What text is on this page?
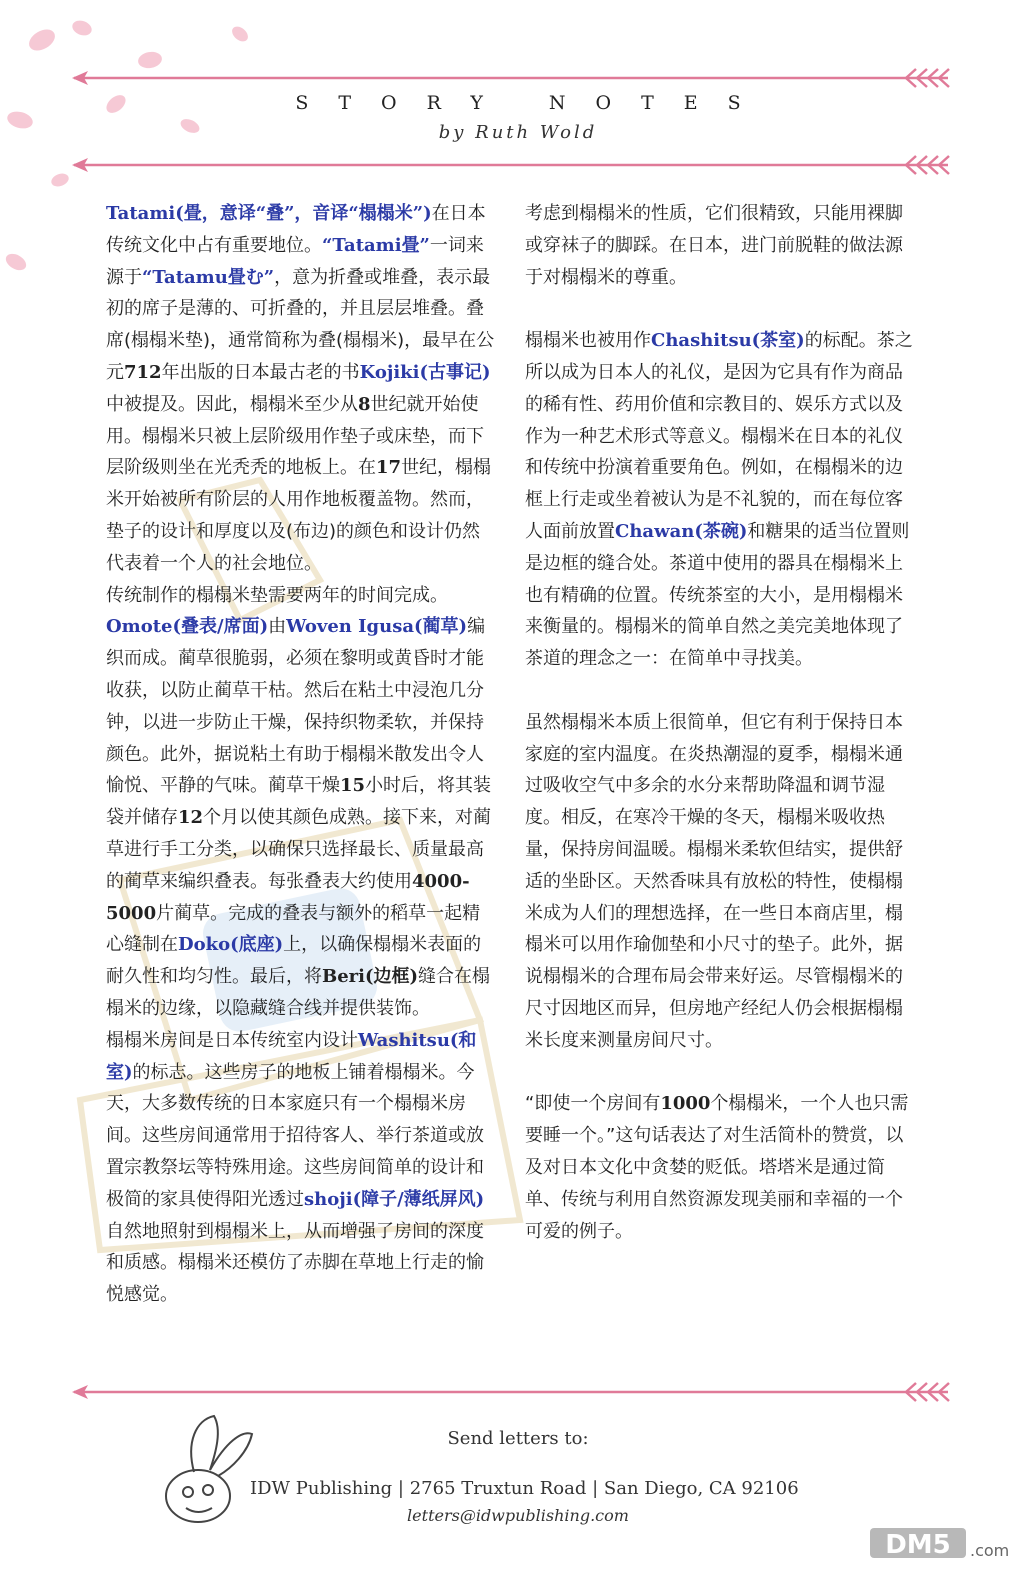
STORY NOTES
by Ruth Wold

Tatami(畳，意译“叠”，音译“榻榻米”)在日本传统文化中占有重要地位。“Tatami畳”一词来源于“Tatamu畳む”，意为折叠或堆叠，表示最初的席子是薄的、可折叠的，并且层层堆叠。叠席(榻榻米垫)，通常简称为叠(榻榻米)，最早在公元712年出版的日本最古老的书Kojiki(古事记)中被提及。因此，榻榻米至少从8世纪就开始使用。榻榻米只被上层阶级用作垫子或床垫，而下层阶级则坐在光秃秃的地板上。在17世纪，榻榻米开始被所有阶层的人用作地板覆盖物。然而，垫子的设计和厚度以及(布边)的颜色和设计仍然代表着一个人的社会地位。

传统制作的榻榻米垫需要两年的时间完成。Omote(叠表/席面)由Woven Igusa(蔺草)编织而成。蔺草很脆弱，必须在黎明或黄昏时才能收获，以防止蔺草干枯。然后在粘土中浸泡几分钟，以进一步防止干燥，保持织物柔软，并保持颜色。此外，据说粘土有助于榻榻米散发出令人愉悦、平静的气味。蔺草干燥15小时后，将其装袋并储存12个月以使其颜色成熟。接下来，对蔺草进行手工分类，以确保只选择最长、质量最高的蔺草来编织叠表。每张叠表大约使用4000-5000片蔺草。完成的叠表与额外的稻草一起精心缝制在Doko(底座)上，以确保榻榻米表面的耐久性和均匀性。最后，将Beri(边框)缝合在榻榻米的边缘，以隐藏缝合线并提供装饰。

榻榻米房间是日本传统室内设计Washitsu(和室)的标志。这些房子的地板上铺着榻榻米。今天，大多数传统的日本家庭只有一个榻榻米房间。这些房间通常用于招待客人、举行茶道或放置宗教祭坛等特殊用途。这些房间简单的设计和极简的家具使得阳光透过shoji(障子/薄纸屏风)自然地照射到榻榻米上，从而增强了房间的深度和质感。榻榻米还模仿了赤脚在草地上行走的愉悦感觉。

考虑到榻榻米的性质，它们很精致，只能用裸脚或穿袜子的脚踩。在日本，进门前脱鞋的做法源于对榻榻米的尊重。

榻榻米也被用作Chashitsu(茶室)的标配。茶之所以成为日本人的礼仪，是因为它具有作为商品的稀有性、药用价值和宗教目的、娱乐方式以及作为一种艺术形式等意义。榻榻米在日本的礼仪和传统中扮演着重要角色。例如，在榻榻米的边框上行走或坐着被认为是不礼貌的，而在每位客人面前放置Chawan(茶碗)和糖果的适当位置则是边框的缝合处。茶道中使用的器具在榻榻米上也有精确的位置。传统茶室的大小，是用榻榻米来衡量的。榻榻米的简单自然之美完美地体现了茶道的理念之一：在简单中寻找美。

虽然榻榻米本质上很简单，但它有利于保持日本家庭的室内温度。在炎热潮湿的夏季，榻榻米通过吸收空气中多余的水分来帮助降温和调节湿度。相反，在寒冷干燥的冬天，榻榻米吸收热量，保持房间温暖。榻榻米柔软但结实，提供舒适的坐卧区。天然香味具有放松的特性，使榻榻米成为人们的理想选择，在一些日本商店里，榻榻米可以用作瑜伽垫和小尺寸的垫子。此外，据说榻榻米的合理布局会带来好运。尽管榻榻米的尺寸因地区而异，但房地产经纪人仍会根据榻榻米长度来测量房间尺寸。

“即使一个房间有1000个榻榻米，一个人也只需要睡一个。”这句话表达了对生活简朴的赞赏，以及对日本文化中贪婪的贬低。塔塔米是通过简单、传统与利用自然资源发现美丽和幸福的一个可爱的例子。

Send letters to:
IDW Publishing | 2765 Truxtun Road | San Diego, CA 92106
letters@idwpublishing.com
DM5 .com
